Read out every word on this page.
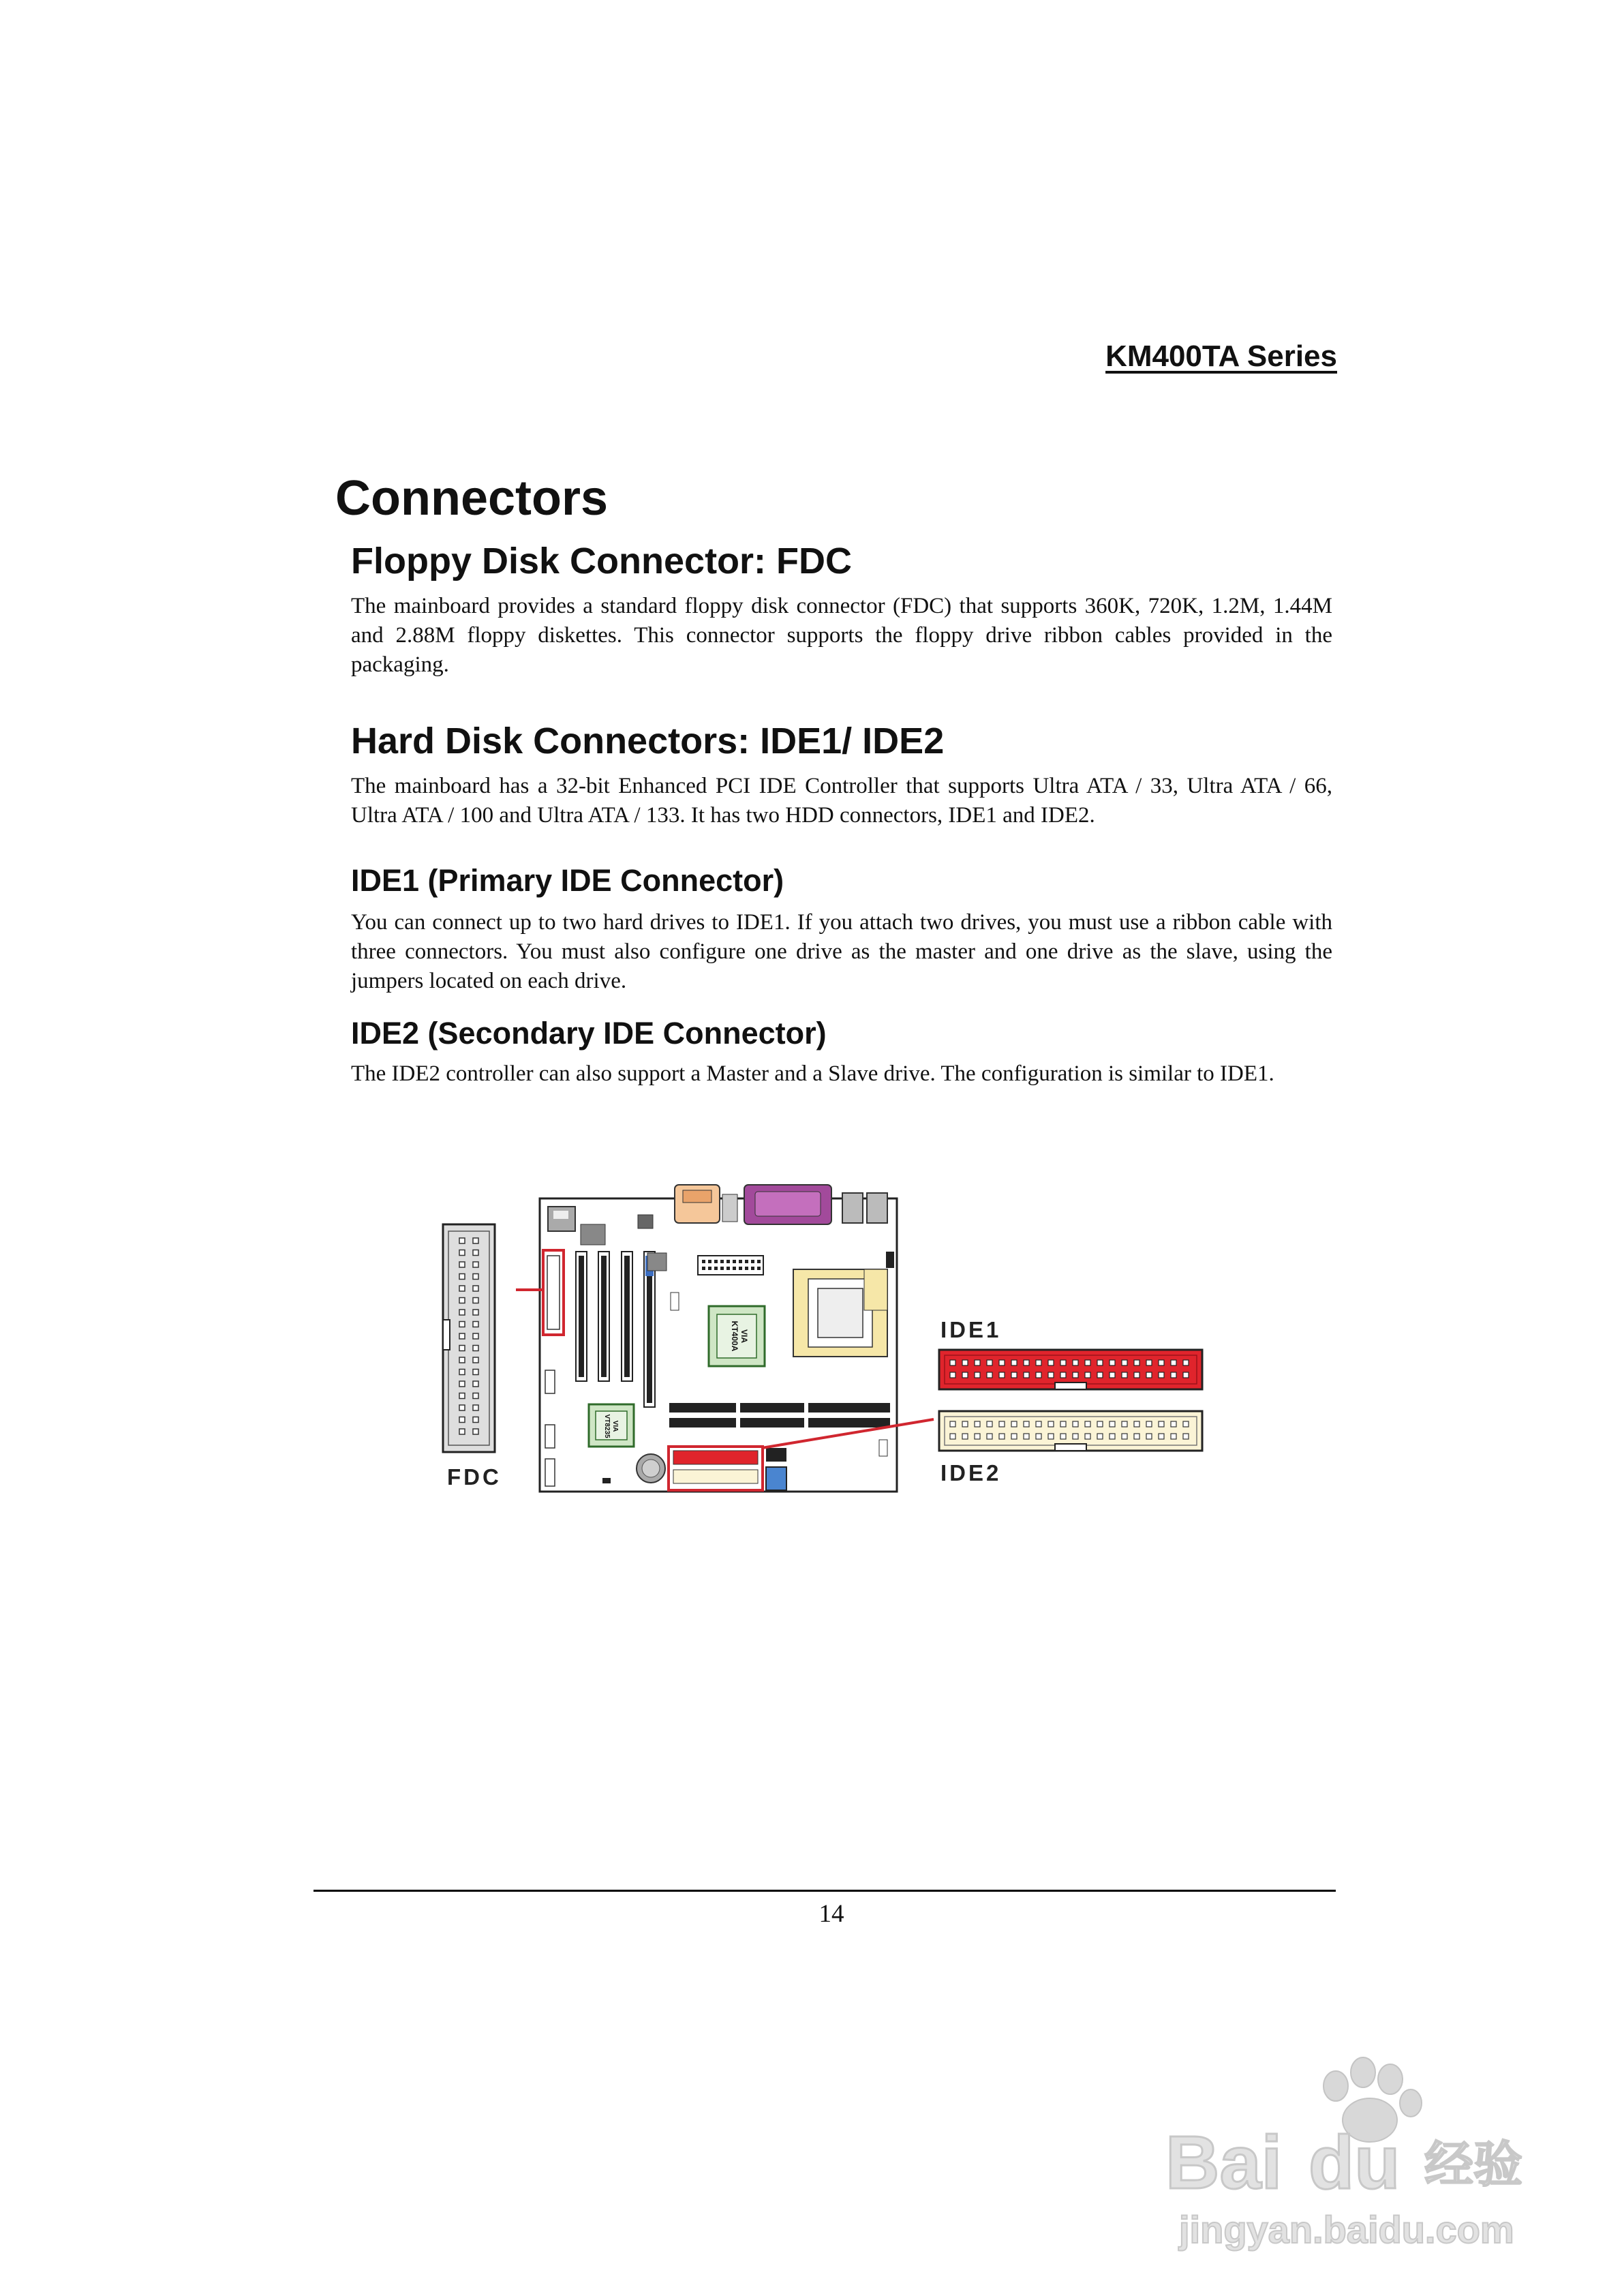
KM400TA Series
Connectors
Floppy Disk Connector: FDC
The mainboard provides a standard floppy disk connector (FDC) that supports 360K, 720K, 1.2M, 1.44M and 2.88M floppy diskettes. This connector supports the floppy drive ribbon cables provided in the packaging.
Hard Disk Connectors: IDE1/ IDE2
The mainboard has a 32-bit Enhanced PCI IDE Controller that supports Ultra ATA / 33, Ultra ATA / 66, Ultra ATA / 100 and Ultra ATA / 133. It has two HDD connectors, IDE1 and IDE2.
IDE1 (Primary IDE Connector)
You can connect up to two hard drives to IDE1. If you attach two drives, you must use a ribbon cable with three connectors. You must also configure one drive as the master and one drive as the slave, using the jumpers located on each drive.
IDE2 (Secondary IDE Connector)
The IDE2 controller can also support a Master and a Slave drive. The configuration is similar to IDE1.
FDC
VIA
KT400A
VIA
VT8235
IDE1
IDE2
14
Bai du 经验
jingyan.baidu.com
